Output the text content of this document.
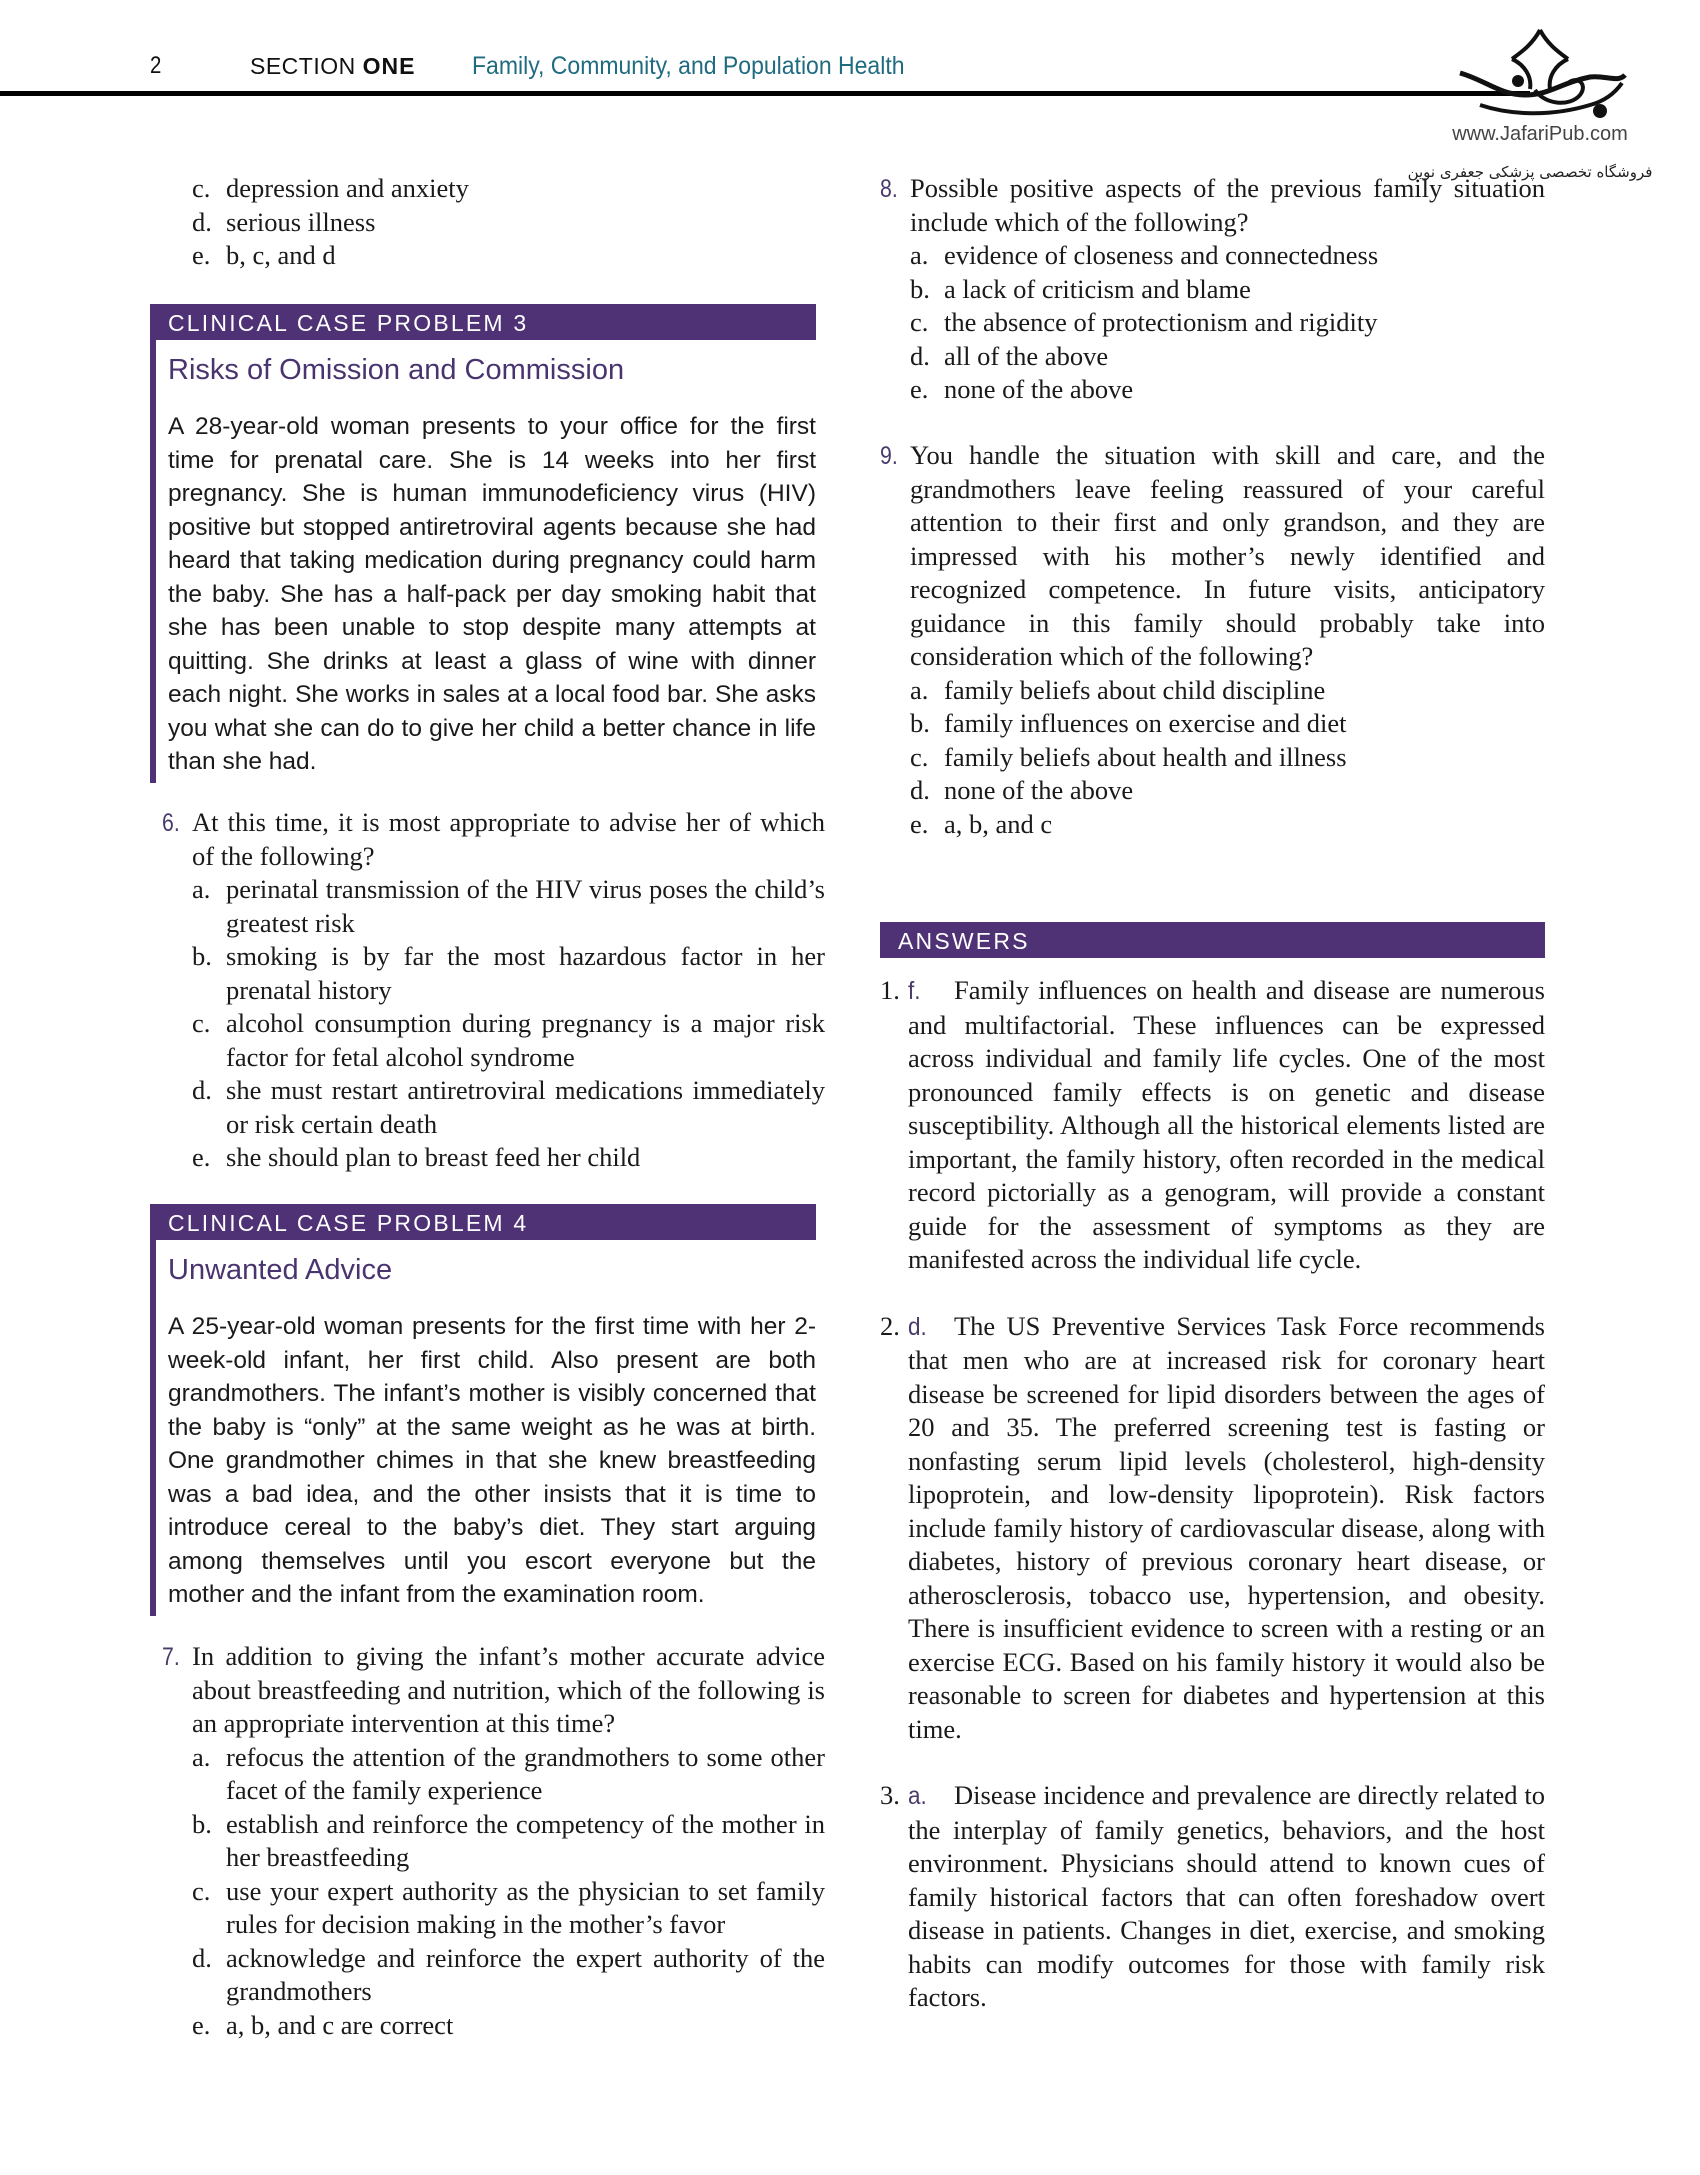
2	SECTION ONE Family, Community, and Population Health
www.JafariPub.com
فروشگاه تخصصی پزشکی جعفری نوین
c. depression and anxiety
d. serious illness
e. b, c, and d
CLINICAL CASE PROBLEM 3
Risks of Omission and Commission
A 28-year-old woman presents to your office for the first time for prenatal care. She is 14 weeks into her first pregnancy. She is human immunodeficiency virus (HIV) positive but stopped antiretroviral agents because she had heard that taking medication during pregnancy could harm the baby. She has a half-pack per day smoking habit that she has been unable to stop despite many attempts at quitting. She drinks at least a glass of wine with dinner each night. She works in sales at a local food bar. She asks you what she can do to give her child a better chance in life than she had.
6. At this time, it is most appropriate to advise her of which of the following?
a. perinatal transmission of the HIV virus poses the child’s greatest risk
b. smoking is by far the most hazardous factor in her prenatal history
c. alcohol consumption during pregnancy is a major risk factor for fetal alcohol syndrome
d. she must restart antiretroviral medications immediately or risk certain death
e. she should plan to breast feed her child
CLINICAL CASE PROBLEM 4
Unwanted Advice
A 25-year-old woman presents for the first time with her 2-week-old infant, her first child. Also present are both grandmothers. The infant’s mother is visibly concerned that the baby is “only” at the same weight as he was at birth. One grandmother chimes in that she knew breastfeeding was a bad idea, and the other insists that it is time to introduce cereal to the baby’s diet. They start arguing among themselves until you escort everyone but the mother and the infant from the examination room.
7. In addition to giving the infant’s mother accurate advice about breastfeeding and nutrition, which of the following is an appropriate intervention at this time?
a. refocus the attention of the grandmothers to some other facet of the family experience
b. establish and reinforce the competency of the mother in her breastfeeding
c. use your expert authority as the physician to set family rules for decision making in the mother’s favor
d. acknowledge and reinforce the expert authority of the grandmothers
e. a, b, and c are correct
8. Possible positive aspects of the previous family situation include which of the following?
a. evidence of closeness and connectedness
b. a lack of criticism and blame
c. the absence of protectionism and rigidity
d. all of the above
e. none of the above
9. You handle the situation with skill and care, and the grandmothers leave feeling reassured of your careful attention to their first and only grandson, and they are impressed with his mother’s newly identified and recognized competence. In future visits, anticipatory guidance in this family should probably take into consideration which of the following?
a. family beliefs about child discipline
b. family influences on exercise and diet
c. family beliefs about health and illness
d. none of the above
e. a, b, and c
ANSWERS
1. f. Family influences on health and disease are numerous and multifactorial. These influences can be expressed across individual and family life cycles. One of the most pronounced family effects is on genetic and disease susceptibility. Although all the historical elements listed are important, the family history, often recorded in the medical record pictorially as a genogram, will provide a constant guide for the assessment of symptoms as they are manifested across the individual life cycle.
2. d. The US Preventive Services Task Force recommends that men who are at increased risk for coronary heart disease be screened for lipid disorders between the ages of 20 and 35. The preferred screening test is fasting or nonfasting serum lipid levels (cholesterol, high-density lipoprotein, and low-density lipoprotein). Risk factors include family history of cardiovascular disease, along with diabetes, history of previous coronary heart disease, or atherosclerosis, tobacco use, hypertension, and obesity. There is insufficient evidence to screen with a resting or an exercise ECG. Based on his family history it would also be reasonable to screen for diabetes and hypertension at this time.
3. a. Disease incidence and prevalence are directly related to the interplay of family genetics, behaviors, and the host environment. Physicians should attend to known cues of family historical factors that can often foreshadow overt disease in patients. Changes in diet, exercise, and smoking habits can modify outcomes for those with family risk factors.
